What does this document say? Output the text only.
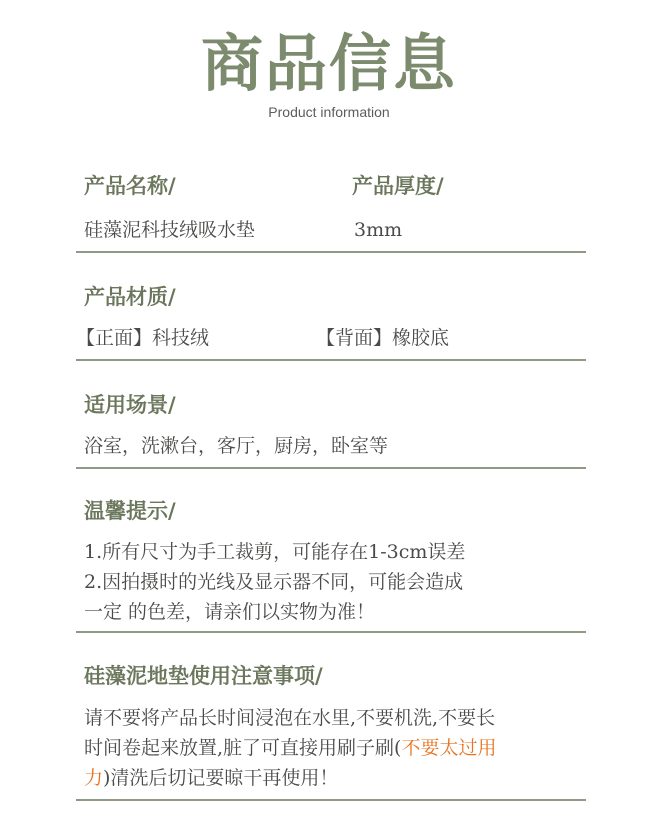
商品信息
Product information
产品名称/	产品厚度/
硅藻泥科技绒吸水垫	3mm
产品材质/
【正面】科技绒	【背面】橡胶底
适用场景/
浴室，洗漱台，客厅，厨房，卧室等
温馨提示/
1.所有尺寸为手工裁剪，可能存在1-3cm误差
2.因拍摄时的光线及显示器不同，可能会造成
一定 的色差，请亲们以实物为准！
硅藻泥地垫使用注意事项/
请不要将产品长时间浸泡在水里,不要机洗,不要长
时间卷起来放置,脏了可直接用刷子刷(不要太过用
力)清洗后切记要晾干再使用！
